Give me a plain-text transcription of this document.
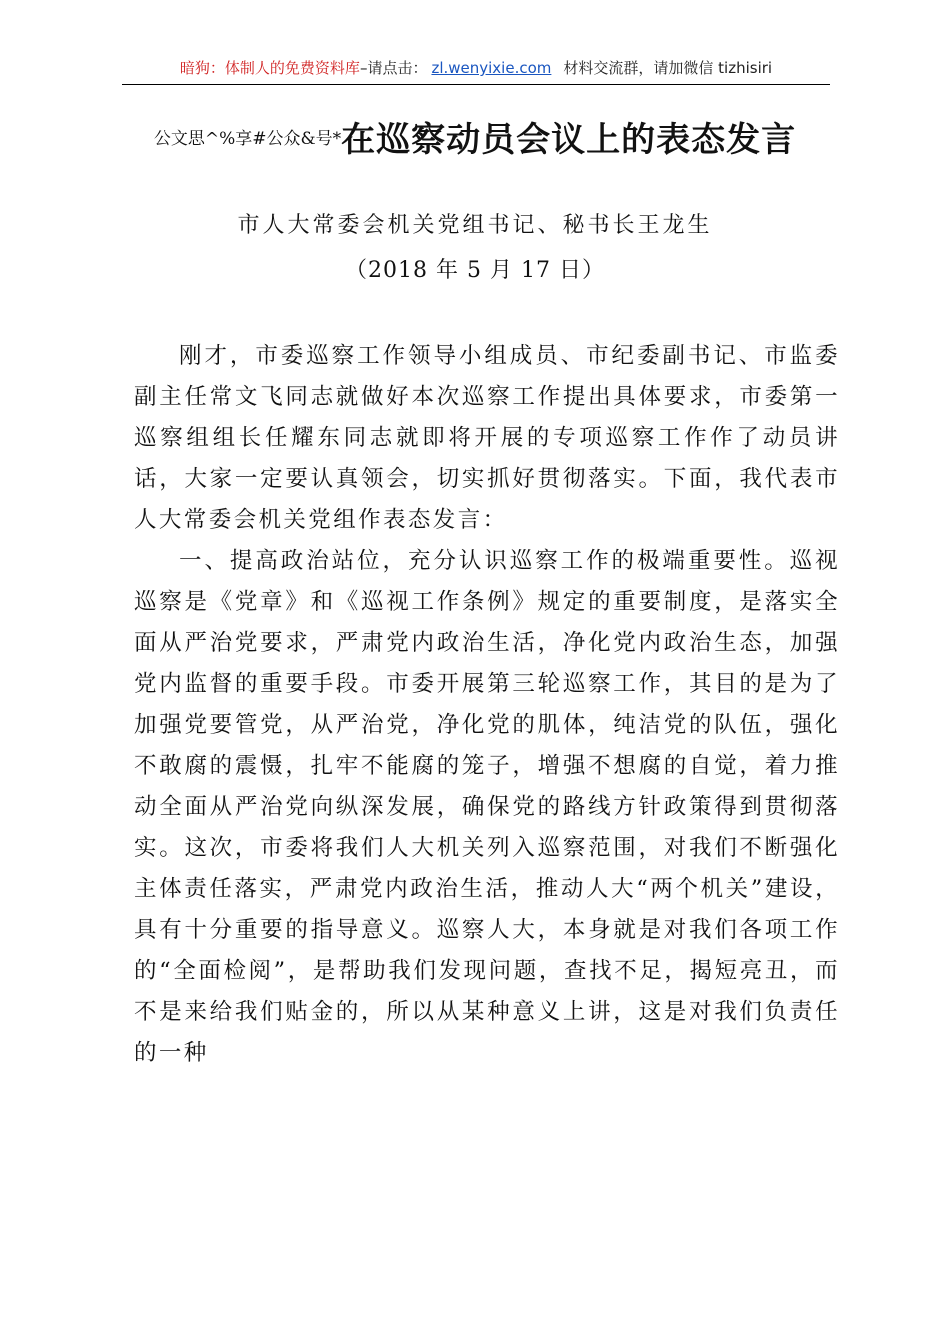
暗狗：体制人的免费资料库–请点击： zl.wenyixie.com 材料交流群，请加微信 tizhisiri
公文思^%享#公众&号*在巡察动员会议上的表态发言
市人大常委会机关党组书记、秘书长王龙生
（2018 年 5 月 17 日）

刚才，市委巡察工作领导小组成员、市纪委副书记、市监委副主任常文飞同志就做好本次巡察工作提出具体要求，市委第一巡察组组长任耀东同志就即将开展的专项巡察工作作了动员讲话，大家一定要认真领会，切实抓好贯彻落实。下面，我代表市人大常委会机关党组作表态发言：

一、提高政治站位，充分认识巡察工作的极端重要性。巡视巡察是《党章》和《巡视工作条例》规定的重要制度，是落实全面从严治党要求，严肃党内政治生活，净化党内政治生态，加强党内监督的重要手段。市委开展第三轮巡察工作，其目的是为了加强党要管党，从严治党，净化党的肌体，纯洁党的队伍，强化不敢腐的震慑，扎牢不能腐的笼子，增强不想腐的自觉，着力推动全面从严治党向纵深发展，确保党的路线方针政策得到贯彻落实。这次，市委将我们人大机关列入巡察范围，对我们不断强化主体责任落实，严肃党内政治生活，推动人大“两个机关”建设，具有十分重要的指导意义。巡察人大，本身就是对我们各项工作的“全面检阅”，是帮助我们发现问题，查找不足，揭短亮丑，而不是来给我们贴金的，所以从某种意义上讲，这是对我们负责任的一种
